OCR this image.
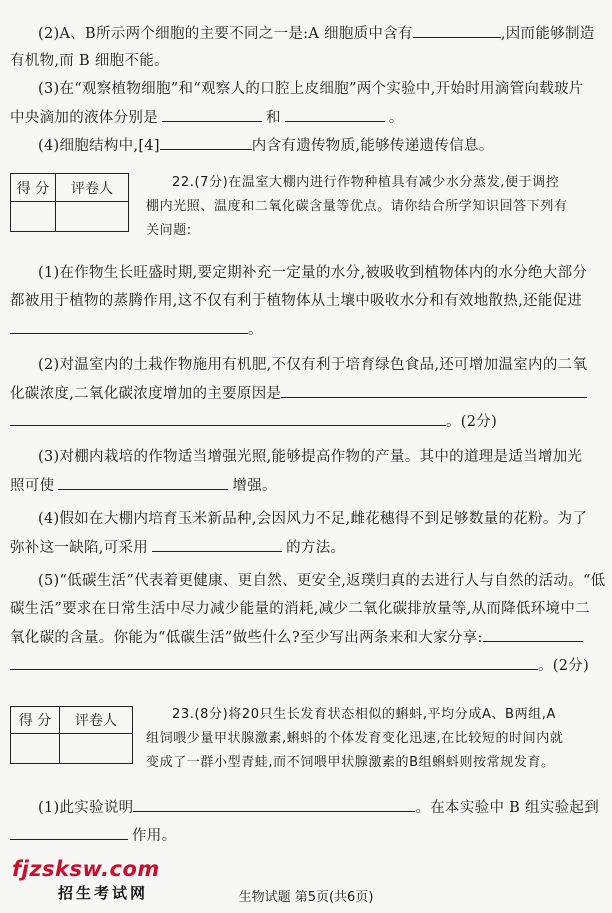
(2)A、B所示两个细胞的主要不同之一是:A 细胞质中含有	,因而能够制造
有机物,而 B 细胞不能。
(3)在“观察植物细胞”和“观察人的口腔上皮细胞”两个实验中,开始时用滴管向载玻片
中央滴加的液体分别是	和	。
(4)细胞结构中,[4]	内含有遗传物质,能够传递遗传信息。
得 分	评卷人
		22.(7分)在温室大棚内进行作物种植具有减少水分蒸发,便于调控
棚内光照、温度和二氧化碳含量等优点。请你结合所学知识回答下列有
关问题:
(1)在作物生长旺盛时期,要定期补充一定量的水分,被吸收到植物体内的水分绝大部分
都被用于植物的蒸腾作用,这不仅有利于植物体从土壤中吸收水分和有效地散热,还能促进
。
(2)对温室内的土栽作物施用有机肥,不仅有利于培育绿色食品,还可增加温室内的二氧
化碳浓度,二氧化碳浓度增加的主要原因是
。(2分)
(3)对棚内栽培的作物适当增强光照,能够提高作物的产量。其中的道理是适当增加光
照可使	增强。
(4)假如在大棚内培育玉米新品种,会因风力不足,雌花穗得不到足够数量的花粉。为了
弥补这一缺陷,可采用	的方法。
(5)“低碳生活”代表着更健康、更自然、更安全,返璞归真的去进行人与自然的活动。“低
碳生活”要求在日常生活中尽力减少能量的消耗,减少二氧化碳排放量等,从而降低环境中二
氧化碳的含量。你能为“低碳生活”做些什么?至少写出两条来和大家分享:
。(2分)
得 分	评卷人
		23.(8分)将20只生长发育状态相似的蝌蚪,平均分成A、B两组,A
组饲喂少量甲状腺激素,蝌蚪的个体发育变化迅速,在比较短的时间内就
变成了一群小型青蛙,而不饲喂甲状腺激素的B组蝌蚪则按常规发育。
(1)此实验说明	。在本实验中 B 组实验起到
作用。
fjzsksw.com
招生考试网	生物试题 第5页(共6页)
